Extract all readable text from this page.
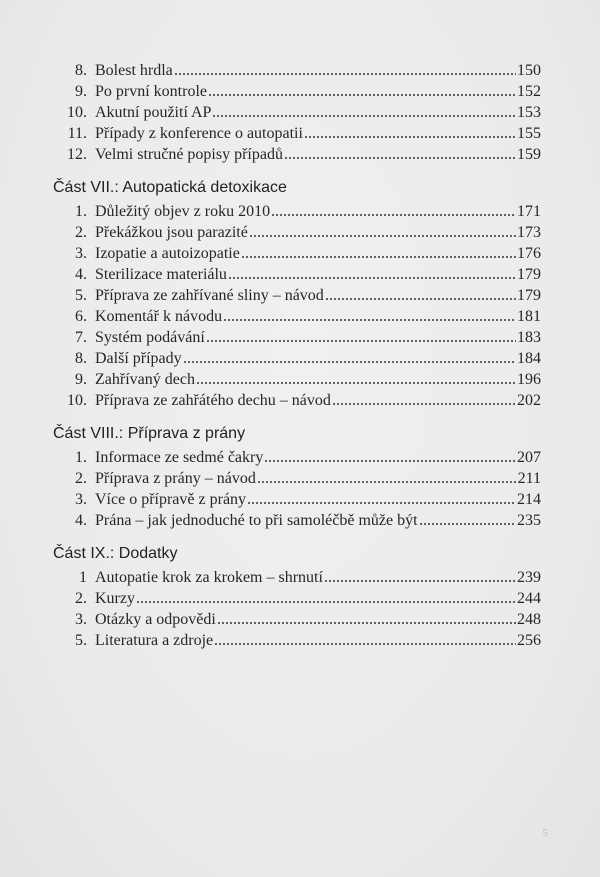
8. Bolest hrdla	150
9. Po první kontrole	152
10. Akutní použití AP	153
11. Případy z konference o autopatii	155
12. Velmi stručné popisy případů	159
Část VII.: Autopatická detoxikace
1. Důležitý objev z roku 2010	171
2. Překážkou jsou parazité	173
3. Izopatie a autoizopatie	176
4. Sterilizace materiálu	179
5. Příprava ze zahřívané sliny – návod	179
6. Komentář k návodu	181
7. Systém podávání	183
8. Další případy	184
9. Zahřívaný dech	196
10. Příprava ze zahřátého dechu – návod	202
Část VIII.: Příprava z prány
1. Informace ze sedmé čakry	207
2. Příprava z prány – návod	211
3. Více o přípravě z prány	214
4. Prána – jak jednoduché to při samoléčbě může být	235
Část IX.: Dodatky
1 Autopatie krok za krokem – shrnutí	239
2. Kurzy	244
3. Otázky a odpovědi	248
5. Literatura a zdroje	256
5
